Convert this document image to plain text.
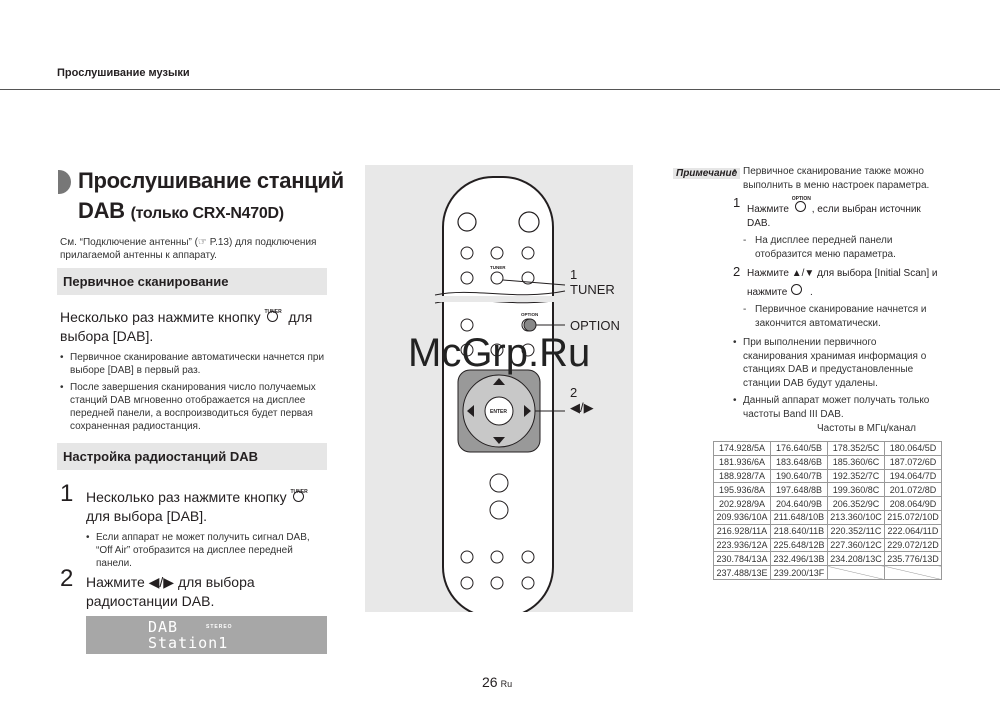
Прослушивание музыки
Прослушивание станций
DAB (только CRX-N470D)
См. “Подключение антенны” (☞ P.13) для подключения прилагаемой антенны к аппарату.
Первичное сканирование
Несколько раз нажмите кнопку TUNER для выбора [DAB].
• Первичное сканирование автоматически начнется при выборе [DAB] в первый раз.
• После завершения сканирования число получаемых станций DAB мгновенно отображается на дисплее передней панели, а воспроизводиться будет первая сохраненная радиостанция.
Настройка радиостанций DAB
1 Несколько раз нажмите кнопку TUNER
для выбора [DAB].
• Если аппарат не может получить сигнал DAB, “Off Air” отобразится на дисплее передней панели.
2 Нажмите ◀/▶ для выбора радиостанции DAB.
DAB
Station1
STEREO
TUNER
OPTION
ENTER
1
TUNER
OPTION
2
◀/▶
Примечание • Первичное сканирование также можно выполнить в меню настроек параметра.
1 Нажмите
OPTION
, если выбран источник DAB.
- На дисплее передней панели отобразится меню параметра.
2 Нажмите ▲/▼ для выбора [Initial Scan] и нажмите .
- Первичное сканирование начнется и закончится автоматически.
• При выполнении первичного сканирования хранимая информация о станциях DAB и предустановленные станции DAB будут удалены.
• Данный аппарат может получать только частоты Band III DAB.
Частоты в МГц/канал
174.928/5A	176.640/5B	178.352/5C	180.064/5D
181.936/6A	183.648/6B	185.360/6C	187.072/6D
188.928/7A	190.640/7B	192.352/7C	194.064/7D
195.936/8A	197.648/8B	199.360/8C	201.072/8D
202.928/9A	204.640/9B	206.352/9C	208.064/9D
209.936/10A	211.648/10B	213.360/10C	215.072/10D
216.928/11A	218.640/11B	220.352/11C	222.064/11D
223.936/12A	225.648/12B	227.360/12C	229.072/12D
230.784/13A	232.496/13B	234.208/13C	235.776/13D
237.488/13E	239.200/13F		
26 Ru
McGrp.Ru
